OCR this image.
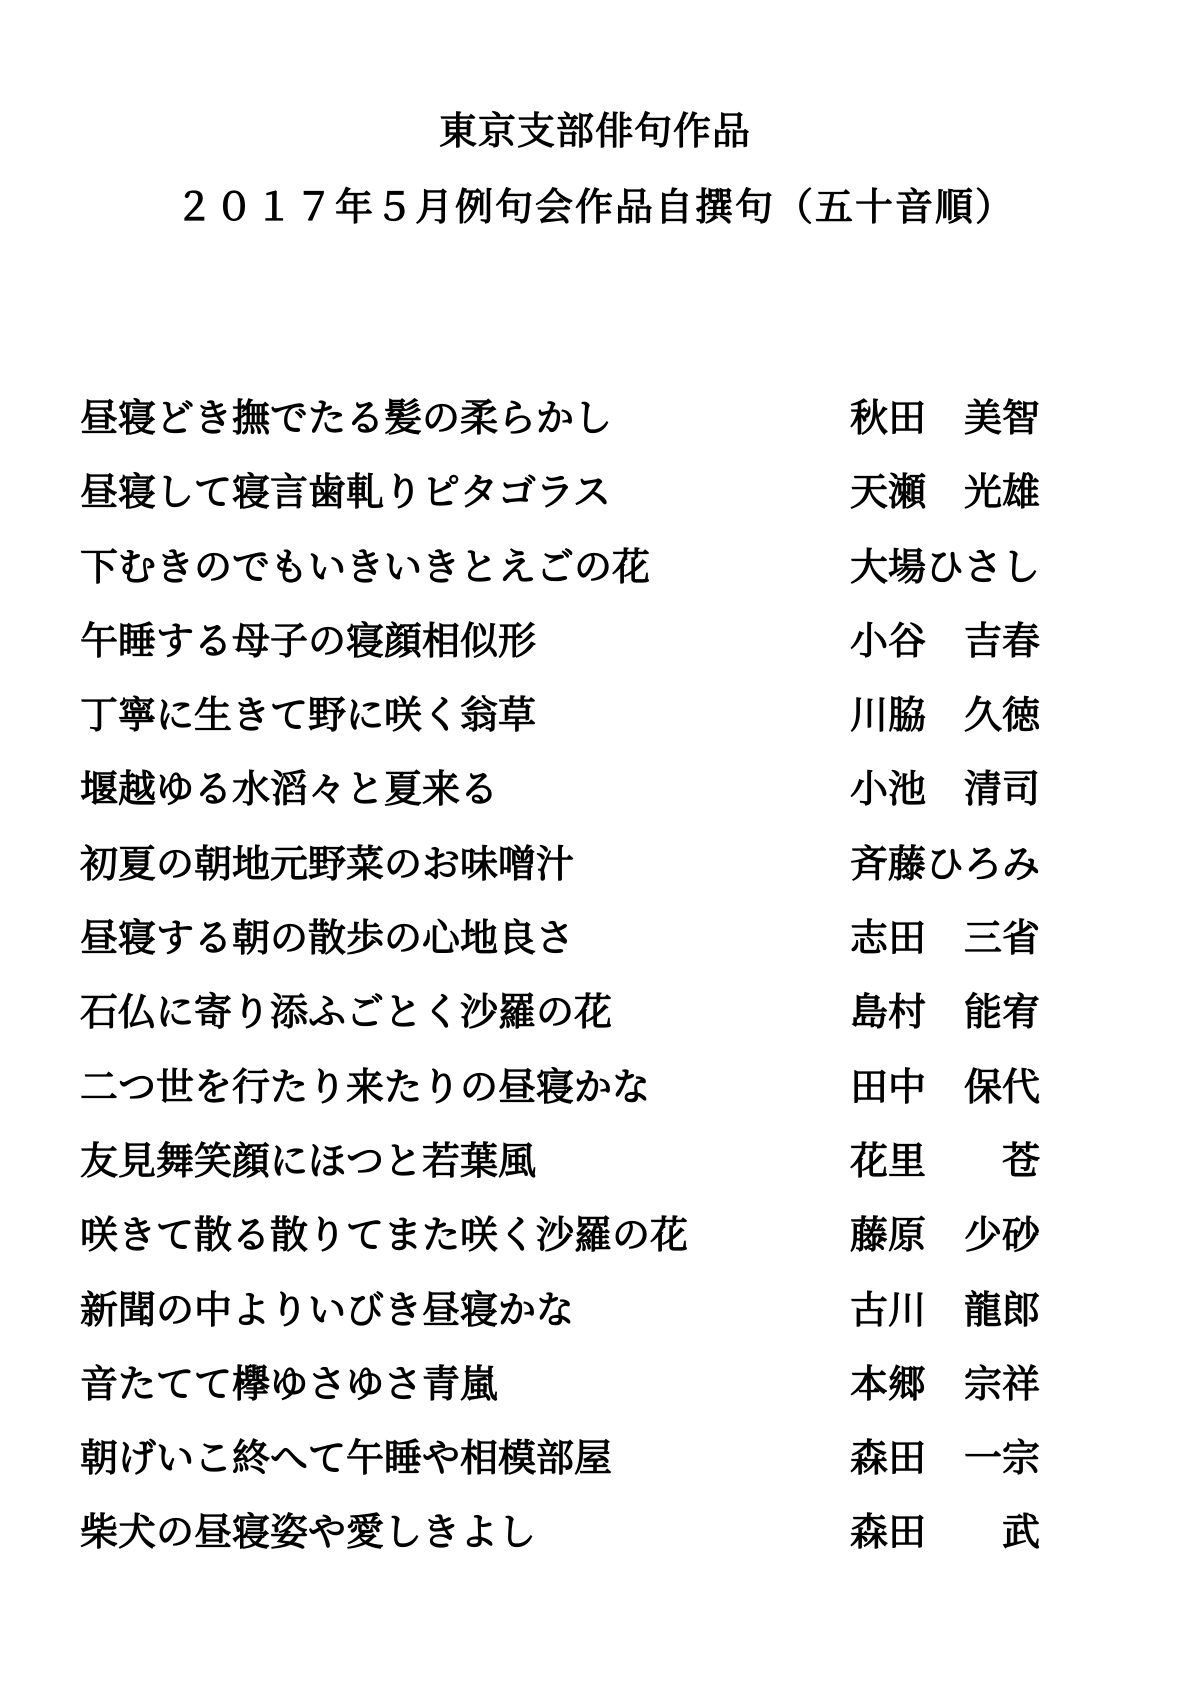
東京支部俳句作品
２０１７年５月例句会作品自撰句（五十音順）
昼寝どき撫でたる髪の柔らかし	秋田　美智
昼寝して寝言歯軋りピタゴラス	天瀬　光雄
下むきのでもいきいきとえごの花	大場ひさし
午睡する母子の寝顔相似形	小谷　吉春
丁寧に生きて野に咲く翁草	川脇　久徳
堰越ゆる水滔々と夏来る	小池　清司
初夏の朝地元野菜のお味噌汁	斉藤ひろみ
昼寝する朝の散歩の心地良さ	志田　三省
石仏に寄り添ふごとく沙羅の花	島村　能宥
二つ世を行たり来たりの昼寝かな	田中　保代
友見舞笑顔にほつと若葉風	花里　　苍
咲きて散る散りてまた咲く沙羅の花	藤原　少砂
新聞の中よりいびき昼寝かな	古川　龍郎
音たてて欅ゆさゆさ青嵐	本郷　宗祥
朝げいこ終へて午睡や相模部屋	森田　一宗
柴犬の昼寝姿や愛しきよし	森田　　武
